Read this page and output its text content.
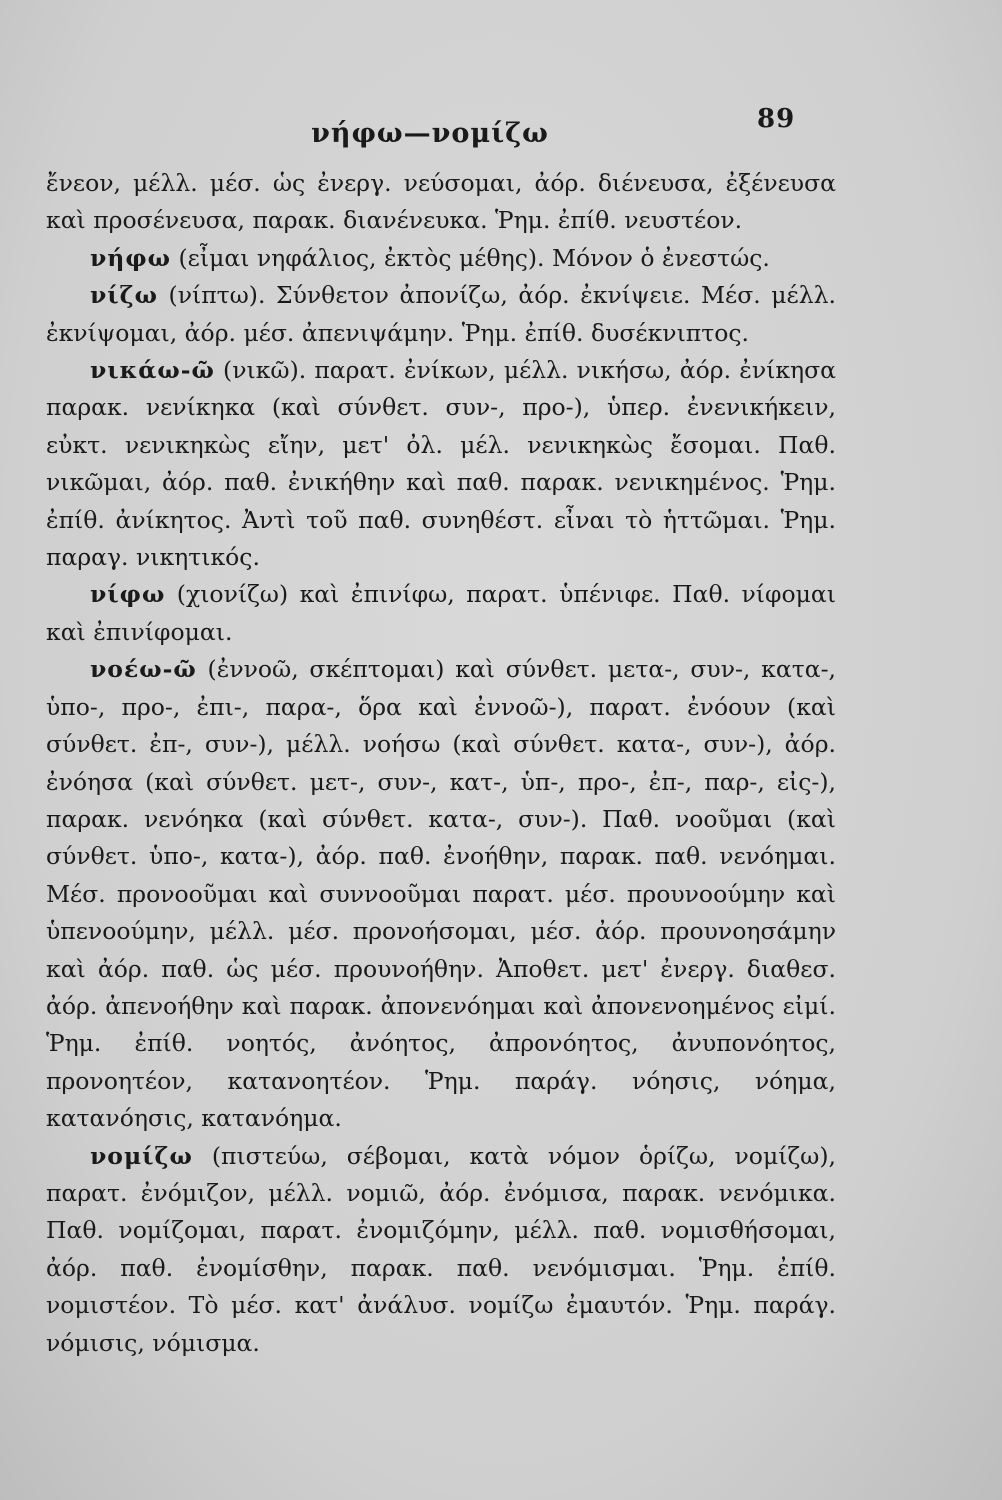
νήφω—νομίζω	89

ἔνεον, μέλλ. μέσ. ὡς ἐνεργ. νεύσομαι, ἀόρ. διένευσα, ἐξένευσα καὶ προσένευσα, παρακ. διανένευκα. Ῥημ. ἐπίθ. νευστέον.

νήφω (εἶμαι νηφάλιος, ἐκτὸς μέθης). Μόνον ὁ ἐνεστώς.

νίζω (νίπτω). Σύνθετον ἀπονίζω, ἀόρ. ἐκνίψειε. Μέσ. μέλλ. ἐκνίψομαι, ἀόρ. μέσ. ἀπενιψάμην. Ῥημ. ἐπίθ. δυσέκνιπτος.

νικάω-ῶ (νικῶ). παρατ. ἐνίκων, μέλλ. νικήσω, ἀόρ. ἐνίκησα παρακ. νενίκηκα (καὶ σύνθετ. συν-, προ-), ὑπερ. ἐνενικήκειν, εὐκτ. νενικηκὼς εἴην, μετ' ὀλ. μέλ. νενικηκὼς ἔσομαι. Παθ. νικῶμαι, ἀόρ. παθ. ἐνικήθην καὶ παθ. παρακ. νενικημένος. Ῥημ. ἐπίθ. ἀνίκητος. Ἀντὶ τοῦ παθ. συνηθέστ. εἶναι τὸ ἡττῶμαι. Ῥημ. παραγ. νικητικός.

νίφω (χιονίζω) καὶ ἐπινίφω, παρατ. ὑπένιφε. Παθ. νίφομαι καὶ ἐπινίφομαι.

νοέω-ῶ (ἐννοῶ, σκέπτομαι) καὶ σύνθετ. μετα-, συν-, κατα-, ὑπο-, προ-, ἐπι-, παρα-, ὅρα καὶ ἐννοῶ-), παρατ. ἐνόουν (καὶ σύνθετ. ἐπ-, συν-), μέλλ. νοήσω (καὶ σύνθετ. κατα-, συν-), ἀόρ. ἐνόησα (καὶ σύνθετ. μετ-, συν-, κατ-, ὑπ-, προ-, ἐπ-, παρ-, εἰς-), παρακ. νενόηκα (καὶ σύνθετ. κατα-, συν-). Παθ. νοοῦμαι (καὶ σύνθετ. ὑπο-, κατα-), ἀόρ. παθ. ἐνοήθην, παρακ. παθ. νενόημαι. Μέσ. προνοοῦμαι καὶ συννοοῦμαι παρατ. μέσ. προυνοούμην καὶ ὑπενοούμην, μέλλ. μέσ. προνοήσομαι, μέσ. ἀόρ. προυνοησάμην καὶ ἀόρ. παθ. ὡς μέσ. προυνοήθην. Ἀποθετ. μετ' ἐνεργ. διαθεσ. ἀόρ. ἀπενοήθην καὶ παρακ. ἀπονενόημαι καὶ ἀπονενοημένος εἰμί. Ῥημ. ἐπίθ. νοητός, ἀνόητος, ἀπρονόητος, ἀνυπονόητος, προνοητέον, κατανοητέον. Ῥημ. παράγ. νόησις, νόημα, κατανόησις, κατανόημα.

νομίζω (πιστεύω, σέβομαι, κατὰ νόμον ὁρίζω, νομίζω), παρατ. ἐνόμιζον, μέλλ. νομιῶ, ἀόρ. ἐνόμισα, παρακ. νενόμικα. Παθ. νομίζομαι, παρατ. ἐνομιζόμην, μέλλ. παθ. νομισθήσομαι, ἀόρ. παθ. ἐνομίσθην, παρακ. παθ. νενόμισμαι. Ῥημ. ἐπίθ. νομιστέον. Τὸ μέσ. κατ' ἀνάλυσ. νομίζω ἐμαυτόν. Ῥημ. παράγ. νόμισις, νόμισμα.
